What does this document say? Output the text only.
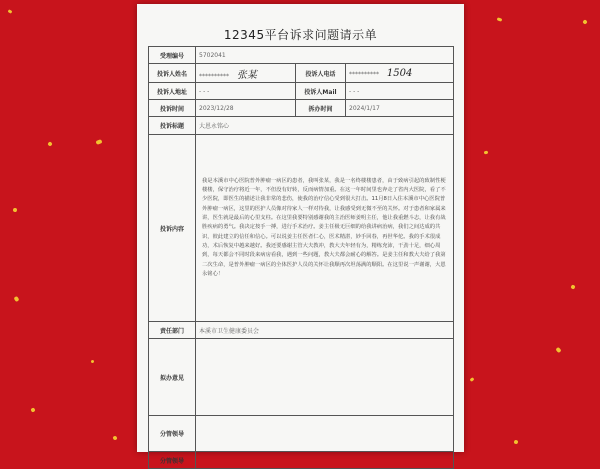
12345平台诉求问题请示单
受理编号	5702041		
投诉人姓名	********** 张某	投诉人电话	********** 1504
投诉人地址	- - -	投诉人Mail	- - -
投诉时间	2023/12/28	拆办时间	2024/1/17
投诉标题	大恩永铭心		
投诉内容	我是本溪市中心医院普外肿瘤一病区的患者，我叫张某，我是一名终楼楼患者，由于致病引起的致制性梗楼楼，保守治疗将近一年，不但没有好转，反而病情加重。在这一年时间里也奔走了省内大医院，看了不少医院，即医生的描述让我非常的悲伤，使我的治疗信心受到很大打击。11月8日入住本溪市中心医院普外肿瘤一病区，这里的医护人员像对待家人一样对待我，让我感受到无微不至的关怀。对于患者和家属来讲，医生就是最后的心里支柱。在这里我要特别感谢我的主治医师姜明主任，他让我重燃斗志，让我有战胜疾病的勇气。我决定按手一搏，进行手术治疗。姜主任极无巨细的给我讲病治病，我们之间达成的共识，彼此建立的信任和信心。可以说姜主任医者仁心，医术精湛，妙手回春，再世华佗。我的手术很成功，术后恢复中越来越好。我还要感谢主管大夫教冲，教大夫年轻有为，精练充沛，干劲十足，细心周到，每天都会不同时段来病房看我，遇到一些问题，教大夫都会耐心的解答。是姜主任和教大夫给了我第二次生命，是普外肿瘤一病区的全体医护人员的关怀让我顺再次坦荡满的顺阳。在这里说一声谢谢，大恩永铭心！		

责任部门	本溪市卫生健康委员会		
拟办意见			
分管领导			
分管领导			
